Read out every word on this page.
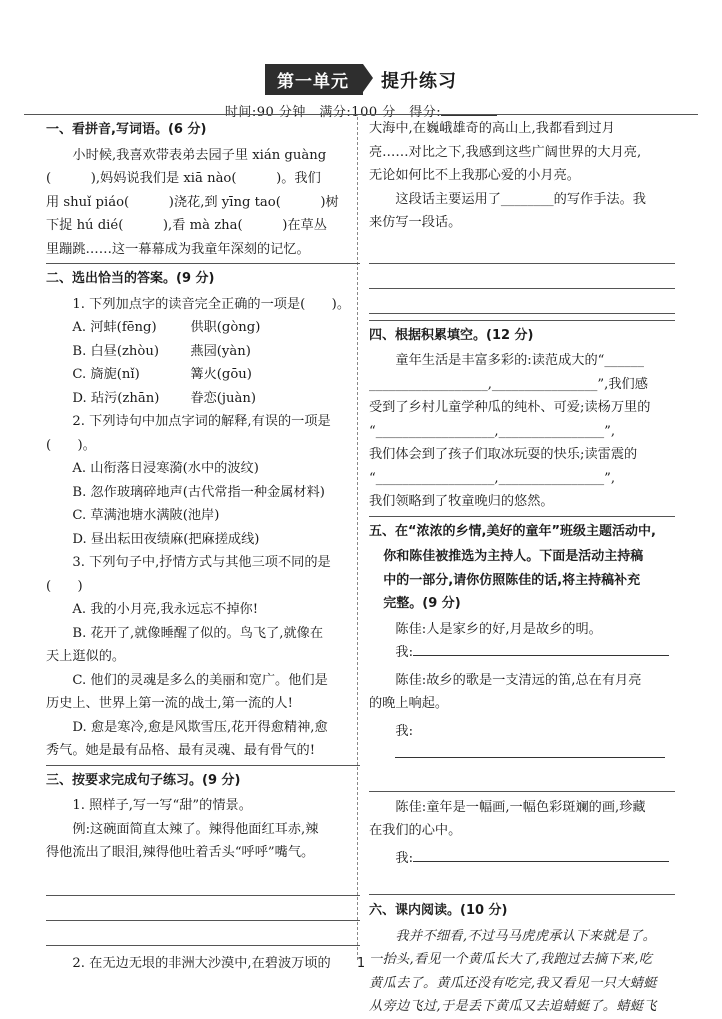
第一单元	提升练习
时间:90 分钟　满分:100 分　得分:
一、看拼音,写词语。(6 分)

小时候,我喜欢带表弟去园子里 xián guàng

(　　　),妈妈说我们是 xiā nào(　　　)。我们

用 shuǐ piáo(　　　)浇花,到 yīng tao(　　　)树

下捉 hú dié(　　　),看 mà zha(　　　)在草丛

里蹦跳……这一幕幕成为我童年深刻的记忆。

二、选出恰当的答案。(9 分)

1. 下列加点字的读音完全正确的一项是(　　)。

A. 河蚌(fēng)	供职(gòng)

B. 白昼(zhòu) 燕园(yàn)

C. 旖旎(nǐ)	篝火(gōu)

D. 玷污(zhān) 眷恋(juàn)

2. 下列诗句中加点字词的解释,有误的一项是

(　　)。

A. 山衔落日浸寒漪(水中的波纹)

B. 忽作玻璃碎地声(古代常指一种金属材料)

C. 草满池塘水满陂(池岸)

D. 昼出耘田夜绩麻(把麻搓成线)

3. 下列句子中,抒情方式与其他三项不同的是

(　　)

A. 我的小月亮,我永远忘不掉你!

B. 花开了,就像睡醒了似的。鸟飞了,就像在

天上逛似的。

C. 他们的灵魂是多么的美丽和宽广。他们是

历史上、世界上第一流的战士,第一流的人!

D. 愈是寒冷,愈是风欺雪压,花开得愈精神,愈

秀气。她是最有品格、最有灵魂、最有骨气的!

三、按要求完成句子练习。(9 分)

1. 照样子,写一写“甜”的情景。

例:这碗面简直太辣了。辣得他面红耳赤,辣

得他流出了眼泪,辣得他吐着舌头“呼呼”嘴气。

2. 在无边无垠的非洲大沙漠中,在碧波万顷的

大海中,在巍峨雄奇的高山上,我都看到过月

亮……对比之下,我感到这些广阔世界的大月亮,

无论如何比不上我那心爱的小月亮。

这段话主要运用了________的写作手法。我

来仿写一段话。

四、根据积累填空。(12 分)

童年生活是丰富多彩的:读范成大的“______

__________________,________________”,我们感

受到了乡村儿童学种瓜的纯朴、可爱;读杨万里的

“__________________,________________”,

我们体会到了孩子们取冰玩耍的快乐;读雷震的

“__________________,________________”,

我们领略到了牧童晚归的悠然。

五、在“浓浓的乡情,美好的童年”班级主题活动中,
你和陈佳被推选为主持人。下面是活动主持稿
中的一部分,请你仿照陈佳的话,将主持稿补充
完整。(9 分)

陈佳:人是家乡的好,月是故乡的明。

我:

陈佳:故乡的歌是一支清远的笛,总在有月亮

的晚上响起。

我:

陈佳:童年是一幅画,一幅色彩斑斓的画,珍藏

在我们的心中。

我:

六、课内阅读。(10 分)

我并不细看,不过马马虎虎承认下来就是了。

一抬头,看见一个黄瓜长大了,我跑过去摘下来,吃

黄瓜去了。黄瓜还没有吃完,我又看见一只大蜻蜓

从旁边飞过,于是丢下黄瓜又去追蜻蜓了。蜻蜓飞

1
